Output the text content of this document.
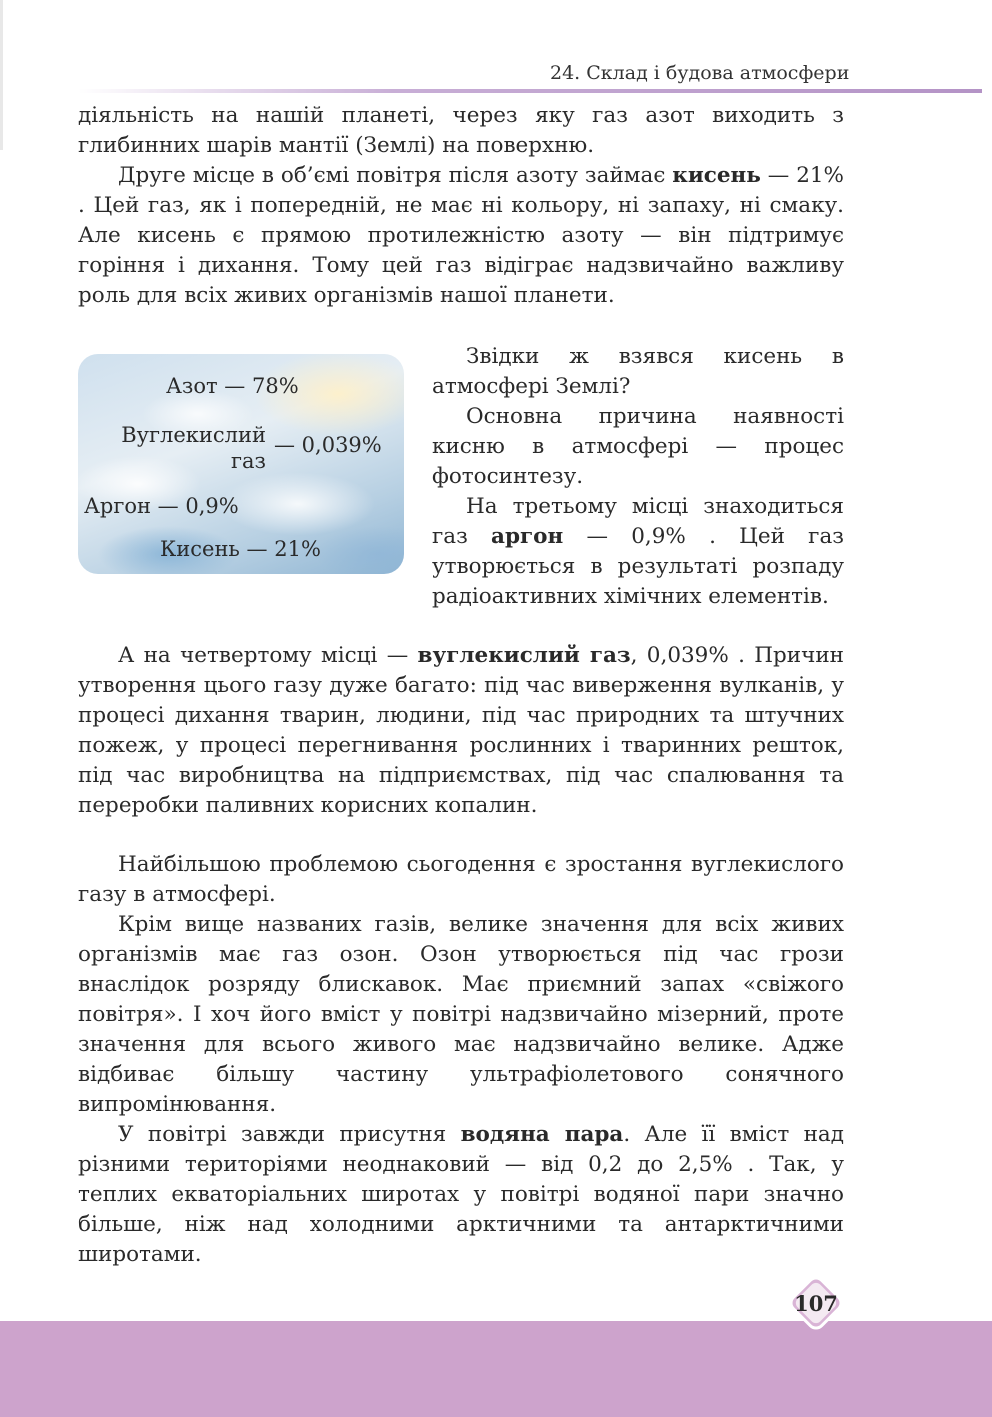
24. Склад і будова атмосфери

діяльність на нашій планеті, через яку газ азот виходить з глибинних шарів мантії (Землі) на поверхню.

Друге місце в об’ємі повітря після азоту займає кисень — 21% . Цей газ, як і попередній, не має ні кольору, ні запаху, ні смаку. Але кисень є прямою протилежністю азоту — він підтримує горіння і дихання. Тому цей газ відіграє надзвичайно важливу роль для всіх живих організмів нашої планети.

Азот — 78%
Вуглекислий
газ
— 0,039%
Аргон — 0,9%
Кисень — 21%

Звідки ж взявся кисень в атмосфері Землі?

Основна причина наявності кисню в атмосфері — процес фотосинтезу.

На третьому місці знаходиться газ аргон — 0,9% . Цей газ утворюється в результаті розпаду радіоактивних хімічних елементів.

А на четвертому місці — вуглекислий газ, 0,039% . Причин утворення цього газу дуже багато: під час виверження вулканів, у процесі дихання тварин, людини, під час природних та штучних пожеж, у процесі перегнивання рослинних і тваринних решток, під час виробництва на підприємствах, під час спалювання та переробки паливних корисних копалин.

Найбільшою проблемою сьогодення є зростання вуглекислого газу в атмосфері.

Крім вище названих газів, велике значення для всіх живих організмів має газ озон. Озон утворюється під час грози внаслідок розряду блискавок. Має приємний запах «свіжого повітря». І хоч його вміст у повітрі надзвичайно мізерний, проте значення для всього живого має надзвичайно велике. Адже відбиває більшу частину ультрафіолетового сонячного випромінювання.

У повітрі завжди присутня водяна пара. Але її вміст над різними територіями неоднаковий — від 0,2 до 2,5% . Так, у теплих екваторіальних широтах у повітрі водяної пари значно більше, ніж над холодними арктичними та антарктичними широтами.

107
